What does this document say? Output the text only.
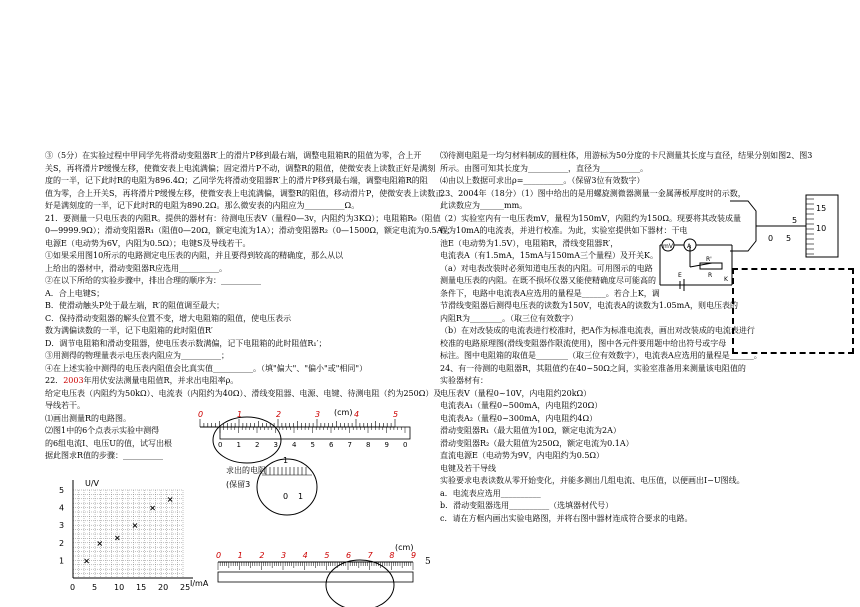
③（5分）在实验过程中甲同学先将滑动变阻器R′上的滑片P移到最右端，调整电阻箱R的阻值为零，合上开

关S，再将滑片P缓慢左移，使微安表上电流满偏；固定滑片P不动，调整R的阻值，使微安表上读数正好是满刻

度的一半，记下此时R的电阻为896.4Ω；乙同学先将滑动变阻器R′上的滑片P移到最右端，调整电阻箱R的阻

值为零，合上开关S，再将滑片P缓慢左移，使微安表上电流满偏，调整R的阻值，移动滑片P，使微安表上读数正

好是满刻度的一半，记下此时R的电阻为890.2Ω。那么微安表的内阻应为__________Ω。

21．要测量一只电压表的内阻R。提供的器材有：待测电压表V（量程0—3v，内阻约为3KΩ）；电阻箱R₀（阻值

0—9999.9Ω）；滑动变阻器R₁（阻值0—20Ω，额定电流为1A）；滑动变阻器R₂（0—1500Ω，额定电流为0.5A）；

电源E（电动势为6V，内阻为0.5Ω）；电键S及导线若干。

①如果采用图10所示的电路测定电压表的内阻，并且要得到较高的精确度，那么从以

上给出的器材中，滑动变阻器R应选用__________。

②在以下所给的实验步骤中，排出合理的顺序为：__________

A．合上电键S；

B．使滑动触头P处于最左端，R′的阻值调至最大；

C．保持滑动变阻器的解头位置不变，增大电阻箱的阻值，使电压表示

数为满偏读数的一半，记下电阻箱的此时阻值R′

D．调节电阻箱和滑动变阻器，使电压表示数满偏，记下电阻箱的此时阻值R₁′；

③用测得的物理量表示电压表内阻应为__________；

④在上述实验中测得的电压表内阻值会比真实值__________。（填"偏大"、"偏小"或"相同"）

22．2003年用伏安法测量电阻值R，并求出电阻率ρ。

给定电压表（内阻约为50kΩ）、电流表（内阻约为40Ω）、滑线变阻器、电源、电键、待测电阻（约为250Ω）及

导线若干。

⑴画出测量R的电路图。

⑵图1中的6个点表示实验中测得

的6组电流I、电压U的值，试写出根

据此图求R值的步骤：__________

⑶待测电阻是一均匀材料制成的圆柱体，用游标为50分度的卡尺测量其长度与直径，结果分别如图2、图3

所示。由图可知其长度为__________，直径为__________。

⑷由以上数据可求出ρ=__________。（保留3位有效数字）

23、2004年（18分）（1）图中给出的是用螺旋测微器测量一金属薄板厚度时的示数，

此读数应为______mm。

（2）实验室内有一电压表mV，量程为150mV，内阻约为150Ω。现要将其改装成量

程为10mA的电流表，并进行校准。为此，实验室提供如下器材：干电

池E（电动势为1.5V），电阻箱R，滑线变阻器R′，

电流表A（有1.5mA，15mA与150mA三个量程）及开关K。

（a）对电表改装时必须知道电压表的内阻。可用图示的电路

测量电压表的内阻。在既不损坏仪器又能使精确度尽可能高的

条件下，电路中电流表A应选用的量程是______。若合上K，调

节滑线变阻器后测得电压表的读数为150V，电流表A的读数为1.05mA，则电压表的

内阻R为________。（取三位有效数字）

（b）在对改装成的电流表进行校准时，把A作为标准电流表，画出对改装成的电流表进行

校准的电路原理图(滑线变阻器作限流使用)，图中各元件要用题中给出符号或字母

标注。图中电阻箱的取值是________（取三位有效数字），电流表A应选用的量程是______。

24、有一待测的电阻器R，其阻值约在40~50Ω之间，实验室准备用来测量该电阻值的

实验器材有：

电压表V（量程0~10V，内电阻约20kΩ）

电流表A₁（量程0~500mA，内电阻约20Ω）

电流表A₂（量程0~300mA，内电阻约4Ω）

滑动变阻器R₁（最大阻值为10Ω，额定电流为2A）

滑动变阻器R₂（最大阻值为250Ω，额定电流为0.1A）

直流电源E（电动势为9V，内电阻约为0.5Ω）

电键及若干导线

实验要求电表读数从零开始变化，并能多测出几组电流、电压值，以便画出I−U图线。

a．电流表应选用__________

b．滑动变阻器选用__________（选填器材代号）

c．请在方框内画出实验电路图，并将右图中器材连成符合要求的电路。

U/V
I/mA
1
2
3
4
5
0 5 10 15 20 25
×
×
×
×
×
×
(cm)
0	1	2	3	4	5
0 1 2 3 4 5 6 7 8 9 0
求出的电阻
(保留3
1
0 1
(cm)
0 1 2 3 4 5 6 7 8 9
15
10
5
0
5
mV A
R'
E	R
K
5
